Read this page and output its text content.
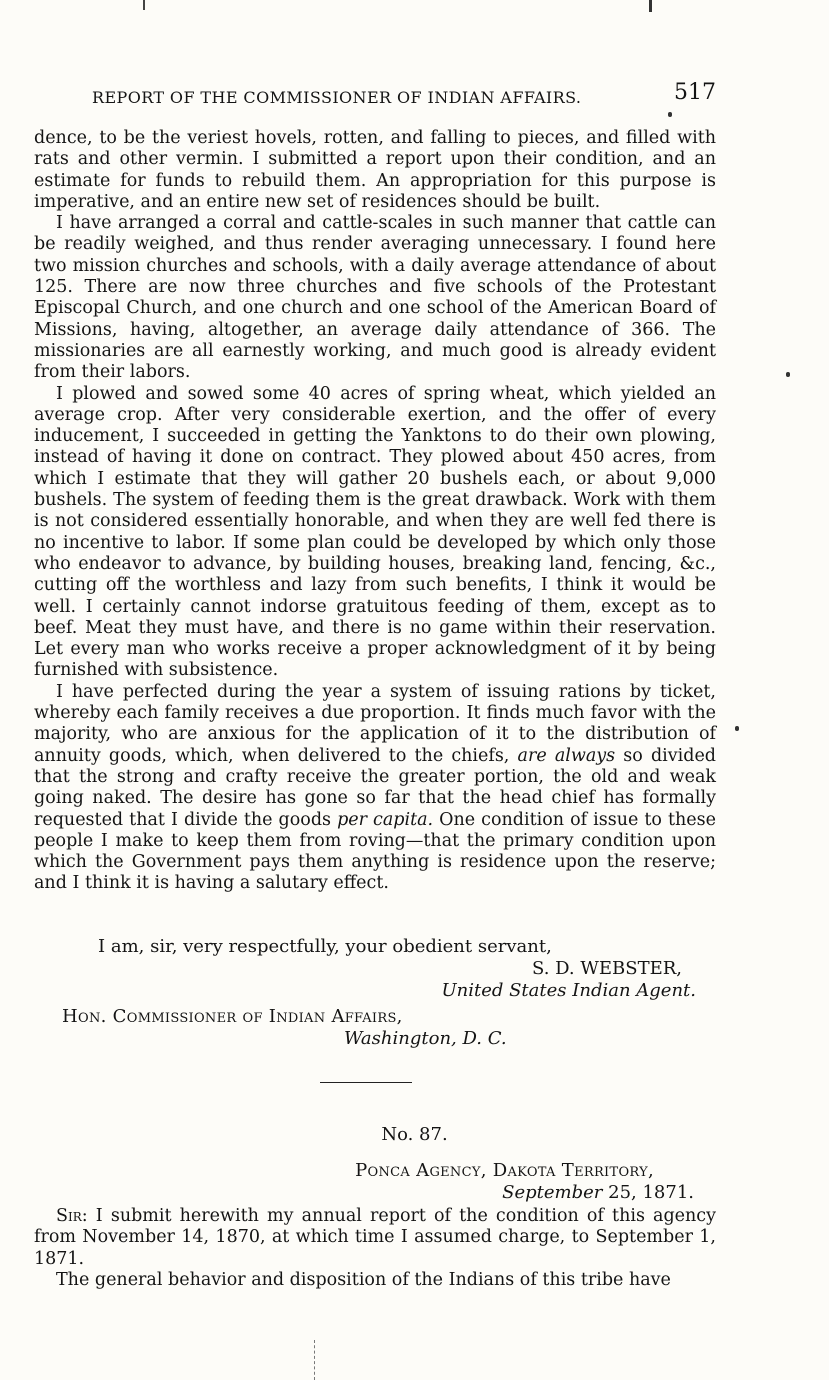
REPORT OF THE COMMISSIONER OF INDIAN AFFAIRS.	517

dence, to be the veriest hovels, rotten, and falling to pieces, and filled with rats and other vermin. I submitted a report upon their condition, and an estimate for funds to rebuild them. An appropriation for this purpose is imperative, and an entire new set of residences should be built.

I have arranged a corral and cattle-scales in such manner that cattle can be readily weighed, and thus render averaging unnecessary. I found here two mission churches and schools, with a daily average attendance of about 125. There are now three churches and five schools of the Protestant Episcopal Church, and one church and one school of the American Board of Missions, having, altogether, an average daily attendance of 366. The missionaries are all earnestly working, and much good is already evident from their labors.

I plowed and sowed some 40 acres of spring wheat, which yielded an average crop. After very considerable exertion, and the offer of every inducement, I succeeded in getting the Yanktons to do their own plowing, instead of having it done on contract. They plowed about 450 acres, from which I estimate that they will gather 20 bushels each, or about 9,000 bushels. The system of feeding them is the great drawback. Work with them is not considered essentially honorable, and when they are well fed there is no incentive to labor. If some plan could be developed by which only those who endeavor to advance, by building houses, breaking land, fencing, &c., cutting off the worthless and lazy from such benefits, I think it would be well. I certainly cannot indorse gratuitous feeding of them, except as to beef. Meat they must have, and there is no game within their reservation. Let every man who works receive a proper acknowledgment of it by being furnished with subsistence.

I have perfected during the year a system of issuing rations by ticket, whereby each family receives a due proportion. It finds much favor with the majority, who are anxious for the application of it to the distribution of annuity goods, which, when delivered to the chiefs, are always so divided that the strong and crafty receive the greater portion, the old and weak going naked. The desire has gone so far that the head chief has formally requested that I divide the goods per capita. One condition of issue to these people I make to keep them from roving—that the primary condition upon which the Government pays them anything is residence upon the reserve; and I think it is having a salutary effect.

I am, sir, very respectfully, your obedient servant,
S. D. WEBSTER,
United States Indian Agent.
Hon. Commissioner of Indian Affairs,
Washington, D. C.
No. 87.
Ponca Agency, Dakota Territory,
September 25, 1871.

Sir: I submit herewith my annual report of the condition of this agency from November 14, 1870, at which time I assumed charge, to September 1, 1871.

The general behavior and disposition of the Indians of this tribe have
